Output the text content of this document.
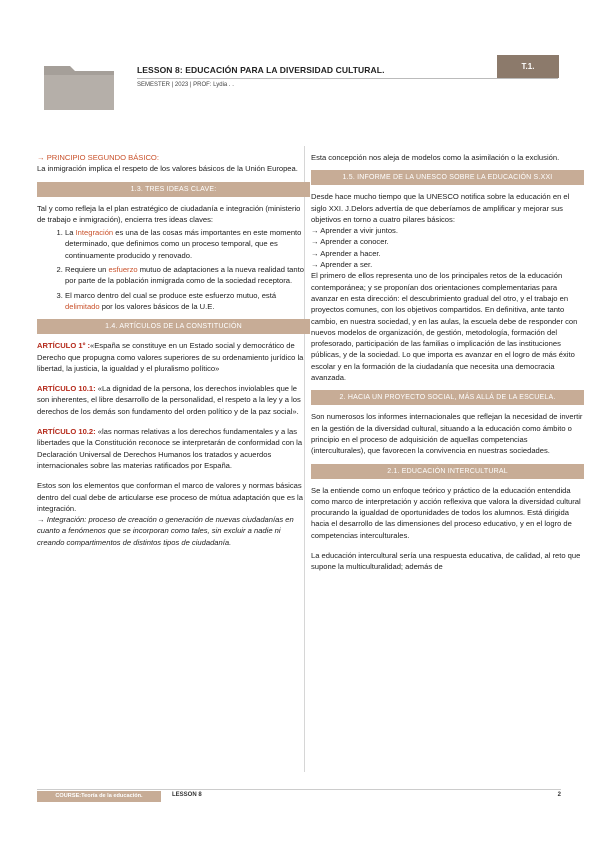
LESSON 8: EDUCACIÓN PARA LA DIVERSIDAD CULTURAL.
SEMESTER | 2023 | PROF: Lydia . .
T.1.

→ PRINCIPIO SEGUNDO BÁSICO:

La inmigración implica el respeto de los valores básicos de la Unión Europea.

1.3. TRES IDEAS CLAVE:

Tal y como refleja la el plan estratégico de ciudadanía e integración (ministerio de trabajo e inmigración), encierra tres ideas claves:

1. La Integración es una de las cosas más importantes en este momento determinado, que definimos como un proceso temporal, que es continuamente producido y renovado.
2. Requiere un esfuerzo mutuo de adaptaciones a la nueva realidad tanto por parte de la población inmigrada como de la sociedad receptora.
3. El marco dentro del cual se produce este esfuerzo mutuo, está delimitado por los valores básicos de la U.E.
1.4. ARTÍCULOS DE LA CONSTITUCIÓN

ARTÍCULO 1º :«España se constituye en un Estado social y democrático de Derecho que propugna como valores superiores de su ordenamiento jurídico la libertad, la justicia, la igualdad y el pluralismo político»

ARTÍCULO 10.1: «La dignidad de la persona, los derechos inviolables que le son inherentes, el libre desarrollo de la personalidad, el respeto a la ley y a los derechos de los demás son fundamento del orden político y de la paz social».

ARTÍCULO 10.2: «las normas relativas a los derechos fundamentales y a las libertades que la Constitución reconoce se interpretarán de conformidad con la Declaración Universal de Derechos Humanos los tratados y acuerdos internacionales sobre las materias ratificados por España.

Estos son los elementos que conforman el marco de valores y normas básicas dentro del cual debe de articularse ese proceso de mútua adaptación que es la integración.

→ Integración: proceso de creación o generación de nuevas ciudadanías en cuanto a fenómenos que se incorporan como tales, sin excluir a nadie ni creando compartimentos de distintos tipos de ciudadanía.

Esta concepción nos aleja de modelos como la asimilación o la exclusión.

1.5. INFORME DE LA UNESCO SOBRE LA EDUCACIÓN S.XXI

Desde hace mucho tiempo que la UNESCO notifica sobre la educación en el siglo XXI. J.Delors advertía de que deberíamos de amplificar y mejorar sus objetivos en torno a cuatro pilares básicos:

→ Aprender a vivir juntos.

→ Aprender a conocer.

→ Aprender a hacer.

→ Aprender a ser.

El primero de ellos representa uno de los principales retos de la educación contemporánea; y se proponían dos orientaciones complementarias para avanzar en esta dirección: el descubrimiento gradual del otro, y el trabajo en proyectos comunes, con los objetivos compartidos. En definitiva, ante tanto cambio, en nuestra sociedad, y en las aulas, la escuela debe de responder con nuevos modelos de organización, de gestión, metodología, formación del profesorado, participación de las familias o implicación de las instituciones públicas, y de la sociedad. Lo que importa es avanzar en el logro de más éxito escolar y en la formación de la ciudadanía que necesita una democracia avanzada.

2. HACIA UN PROYECTO SOCIAL, MÁS ALLÁ DE LA ESCUELA.

Son numerosos los informes internacionales que reflejan la necesidad de invertir en la gestión de la diversidad cultural, situando a la educación como ámbito o principio en el proceso de adquisición de aquellas competencias (interculturales), que favorecen la convivencia en nuestras sociedades.

2.1. EDUCACIÓN INTERCULTURAL

Se la entiende como un enfoque teórico y práctico de la educación entendida como marco de interpretación y acción reflexiva que valora la diversidad cultural procurando la igualdad de oportunidades de todos los alumnos. Está dirigida hacia el desarrollo de las dimensiones del proceso educativo, y en el logro de competencias interculturales.

La educación intercultural sería una respuesta educativa, de calidad, al reto que supone la multiculturalidad; además de

COURSE:Teoría de la educación.	LESSON 8	2
